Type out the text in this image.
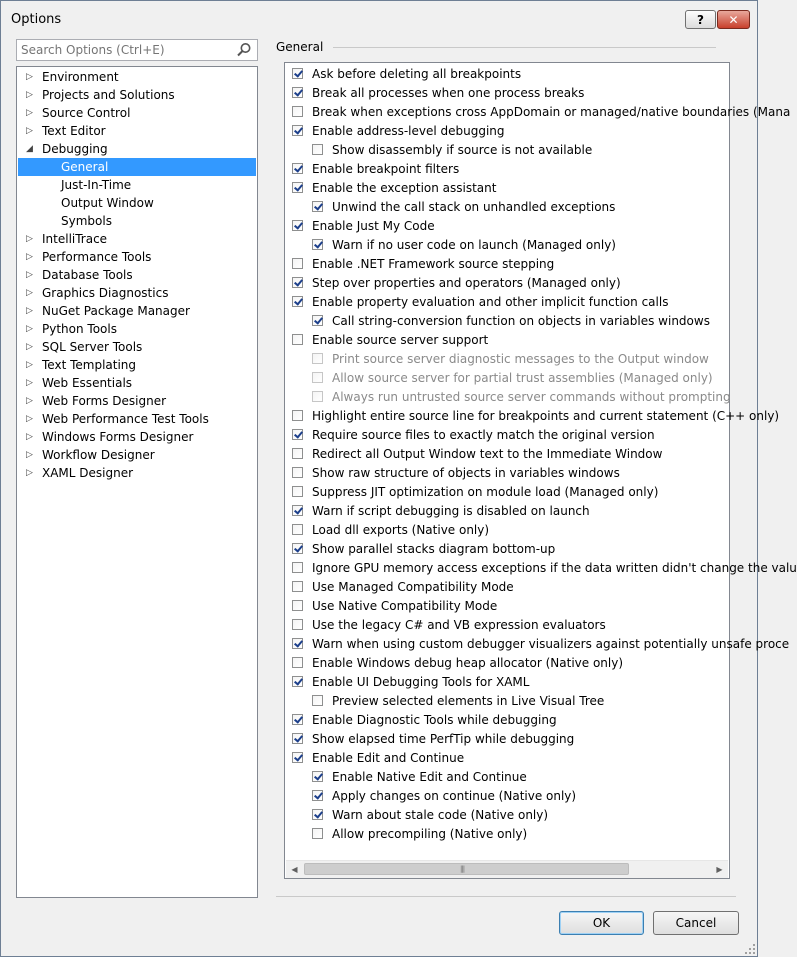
Options	?	✕
Search Options (Ctrl+E)
▷ Environment
▷ Projects and Solutions
▷ Source Control
▷ Text Editor
◢ Debugging
General
Just-In-Time
Output Window
Symbols
▷ IntelliTrace
▷ Performance Tools
▷ Database Tools
▷ Graphics Diagnostics
▷ NuGet Package Manager
▷ Python Tools
▷ SQL Server Tools
▷ Text Templating
▷ Web Essentials
▷ Web Forms Designer
▷ Web Performance Test Tools
▷ Windows Forms Designer
▷ Workflow Designer
▷ XAML Designer
General
Ask before deleting all breakpoints
Break all processes when one process breaks
Break when exceptions cross AppDomain or managed/native boundaries (Mana
Enable address-level debugging
Show disassembly if source is not available
Enable breakpoint filters
Enable the exception assistant
Unwind the call stack on unhandled exceptions
Enable Just My Code
Warn if no user code on launch (Managed only)
Enable .NET Framework source stepping
Step over properties and operators (Managed only)
Enable property evaluation and other implicit function calls
Call string-conversion function on objects in variables windows
Enable source server support
Print source server diagnostic messages to the Output window
Allow source server for partial trust assemblies (Managed only)
Always run untrusted source server commands without prompting
Highlight entire source line for breakpoints and current statement (C++ only)
Require source files to exactly match the original version
Redirect all Output Window text to the Immediate Window
Show raw structure of objects in variables windows
Suppress JIT optimization on module load (Managed only)
Warn if script debugging is disabled on launch
Load dll exports (Native only)
Show parallel stacks diagram bottom-up
Ignore GPU memory access exceptions if the data written didn't change the valu
Use Managed Compatibility Mode
Use Native Compatibility Mode
Use the legacy C# and VB expression evaluators
Warn when using custom debugger visualizers against potentially unsafe proce
Enable Windows debug heap allocator (Native only)
Enable UI Debugging Tools for XAML
Preview selected elements in Live Visual Tree
Enable Diagnostic Tools while debugging
Show elapsed time PerfTip while debugging
Enable Edit and Continue
Enable Native Edit and Continue
Apply changes on continue (Native only)
Warn about stale code (Native only)
Allow precompiling (Native only)
◀	|||	▶
OK	Cancel
